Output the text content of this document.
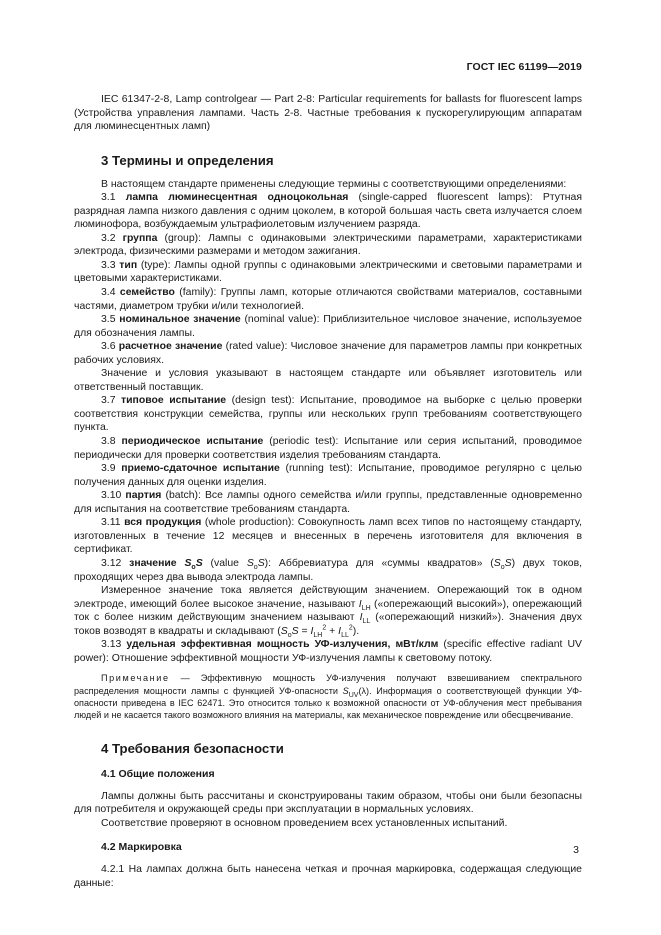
ГОСТ IEC 61199—2019

IEC 61347-2-8, Lamp controlgear — Part 2-8: Particular requirements for ballasts for fluorescent lamps (Устройства управления лампами. Часть 2-8. Частные требования к пускорегулирующим аппаратам для люминесцентных ламп)

3 Термины и определения

В настоящем стандарте применены следующие термины с соответствующими определениями:

3.1 лампа люминесцентная одноцокольная (single-capped fluorescent lamps): Ртутная разрядная лампа низкого давления с одним цоколем, в которой большая часть света излучается слоем люминофора, возбуждаемым ультрафиолетовым излучением разряда.

3.2 группа (group): Лампы с одинаковыми электрическими параметрами, характеристиками электрода, физическими размерами и методом зажигания.

3.3 тип (type): Лампы одной группы с одинаковыми электрическими и световыми параметрами и цветовыми характеристиками.

3.4 семейство (family): Группы ламп, которые отличаются свойствами материалов, составными частями, диаметром трубки и/или технологией.

3.5 номинальное значение (nominal value): Приблизительное числовое значение, используемое для обозначения лампы.

3.6 расчетное значение (rated value): Числовое значение для параметров лампы при конкретных рабочих условиях.

Значение и условия указывают в настоящем стандарте или объявляет изготовитель или ответственный поставщик.

3.7 типовое испытание (design test): Испытание, проводимое на выборке с целью проверки соответствия конструкции семейства, группы или нескольких групп требованиям соответствующего пункта.

3.8 периодическое испытание (periodic test): Испытание или серия испытаний, проводимое периодически для проверки соответствия изделия требованиям стандарта.

3.9 приемо-сдаточное испытание (running test): Испытание, проводимое регулярно с целью получения данных для оценки изделия.

3.10 партия (batch): Все лампы одного семейства и/или группы, представленные одновременно для испытания на соответствие требованиям стандарта.

3.11 вся продукция (whole production): Совокупность ламп всех типов по настоящему стандарту, изготовленных в течение 12 месяцев и внесенных в перечень изготовителя для включения в сертификат.

3.12 значение $S_oS$ (value $S_oS$): Аббревиатура для «суммы квадратов» $(S_oS)$ двух токов, проходящих через два вывода электрода лампы.

Измеренное значение тока является действующим значением. Опережающий ток в одном электроде, имеющий более высокое значение, называют $I_{LH}$ («опережающий высокий»), опережающий ток с более низким действующим значением называют $I_{LL}$ («опережающий низкий»). Значения двух токов возводят в квадраты и складывают $(S_oS = I_{LH}^2 + I_{LL}^2)$.

3.13 удельная эффективная мощность УФ-излучения, мВт/клм (specific effective radiant UV power): Отношение эффективной мощности УФ-излучения лампы к световому потоку.

Примечание — Эффективную мощность УФ-излучения получают взвешиванием спектрального распределения мощности лампы с функцией УФ-опасности $S_{UV}(\lambda)$. Информация о соответствующей функции УФ-опасности приведена в IEC 62471. Это относится только к возможной опасности от УФ-облучения мест пребывания людей и не касается такого возможного влияния на материалы, как механическое повреждение или обесцвечивание.

4 Требования безопасности
4.1 Общие положения

Лампы должны быть рассчитаны и сконструированы таким образом, чтобы они были безопасны для потребителя и окружающей среды при эксплуатации в нормальных условиях.

Соответствие проверяют в основном проведением всех установленных испытаний.

4.2 Маркировка

4.2.1 На лампах должна быть нанесена четкая и прочная маркировка, содержащая следующие данные:

3
